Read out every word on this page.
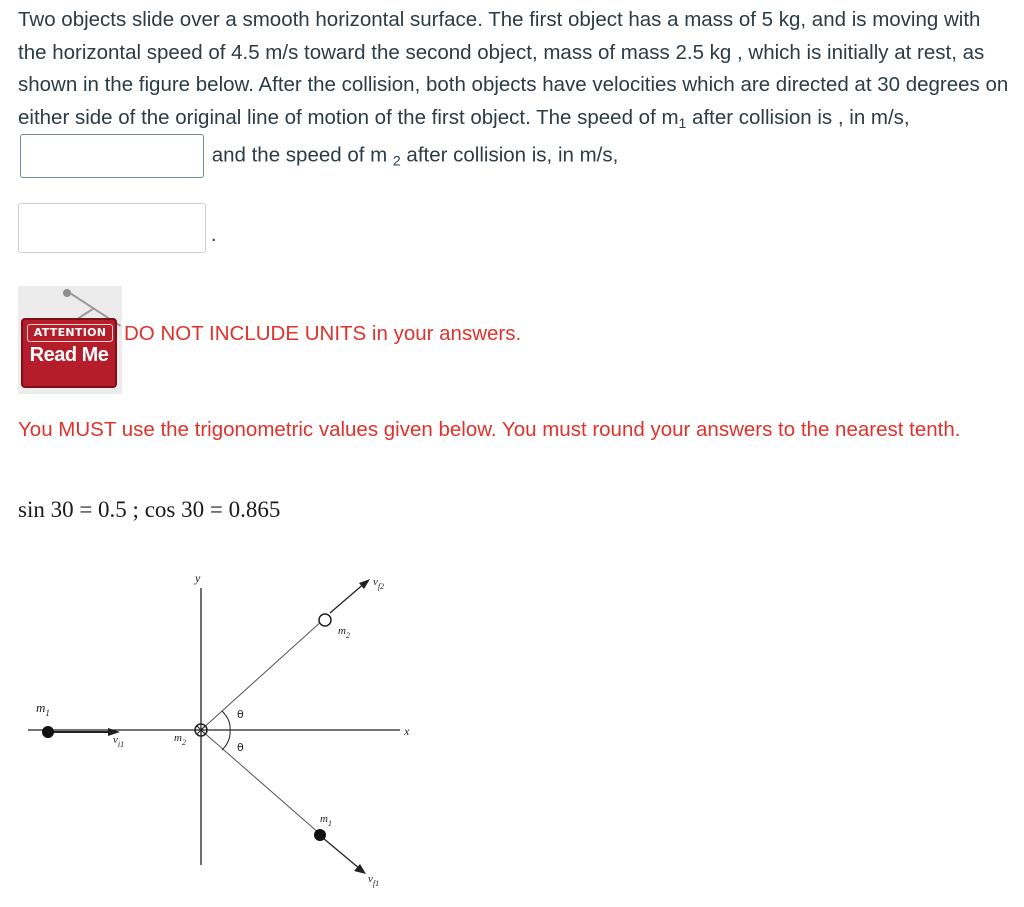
Two objects slide over a smooth horizontal surface. The first object has a mass of 5 kg, and is moving with the horizontal speed of 4.5 m/s toward the second object, mass of mass 2.5 kg , which is initially at rest, as shown in the figure below. After the collision, both objects have velocities which are directed at 30 degrees on either side of the original line of motion of the first object. The speed of $m_1$ after collision is , in m/s,  and the speed of m $_2$ after collision is, in m/s,
.
ATTENTION
Read Me
DO NOT INCLUDE UNITS in your answers.
You MUST use the trigonometric values given below. You must round your answers to the nearest tenth.
sin 30 = 0.5 ; cos 30 = 0.865
y
x
θ
θ
$m_1$
$v_{i1}$
$m_2$
$m_2$
$v_{f2}$
$m_1$
$v_{f1}$
